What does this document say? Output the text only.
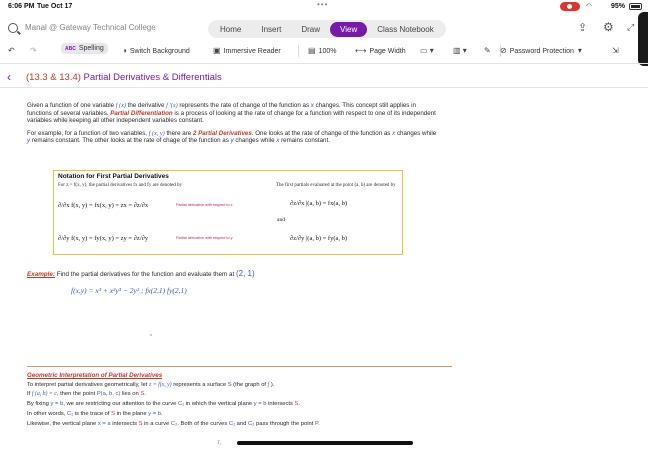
6:06 PM Tue Oct 17	•••	◠	95%
Manal @ Gateway Technical College	Home	Insert	Draw	View	Class Notebook	⇪ ⚙ ⤢
↶	↷	ABC Spelling	◑ Switch Background	▣ Immersive Reader	▤ 100% ⟷ Page Width ▭ ▾	▥ ▾	✎	⊘ Password Protection ▾	⇲
‹ (13.3 & 13.4) Partial Derivatives & Differentials

Given a function of one variable f (x) the derivative f ′(x) represents the rate of change of the function as x changes. This concept still applies in functions of several variables. Partial Differentiation is a process of looking at the rate of change for a function with respect to one of its independent variables while keeping all other independent variables constant.

For example, for a function of two variables, f (x, y) there are 2 Partial Derivatives. One looks at the rate of change of the function as x changes while y remains constant. The other looks at the rate of chage of the function as y changes while x remains constant.

Notation for First Partial Derivatives
For z = f(x, y), the partial derivatives fx and fy are denoted by	The first partials evaluated at the point (a, b) are denoted by
∂/∂x f(x, y) = fx(x, y) = zx = ∂z/∂x	Partial derivative with respect to x	∂z/∂x |(a, b) = fx(a, b)
and
∂/∂y f(x, y) = fy(x, y) = zy = ∂z/∂y	Partial derivative with respect to y	∂z/∂y |(a, b) = fy(a, b)
Example: Find the partial derivatives for the function and evaluate them at (2, 1)
f(x,y) = x³ + x²y³ − 2y² ; fx(2,1) fy(2,1)
Geometric Interpretation of Partial Derivatives
To interpret partial derivatives geometrically, let z = f(x, y) represents a surface S (the graph of f ).
If f (a, b) = c, then the point P(a, b, c) lies on S.
By fixing y = b, we are restricting our attention to the curve C₁ in which the vertical plane y = b intersects S.
In other words, C₁ is the trace of S in the plane y = b.
Likewise, the vertical plane x = a intersects S in a curve C₂. Both of the curves C₁ and C₂ pass through the point P.
T₁
